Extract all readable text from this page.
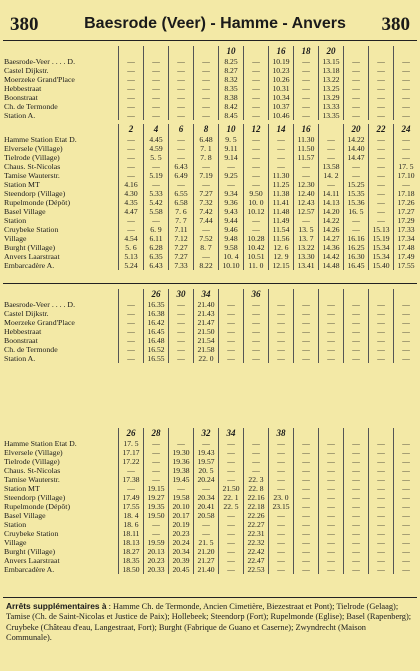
380	Baesrode (Veer) - Hamme - Anvers 380
					10		16	18	20			
Baesrode-Veer . . . . D.	—	—	—	—	8.25	—	10.19	—	13.15	—	—	—
Castel Dijkstr.	—	—	—	—	8.27	—	10.23	—	13.18	—	—	—
Moerzeke Grand'Place	—	—	—	—	8.32	—	10.26	—	13.22	—	—	—
Hebbestraat	—	—	—	—	8.35	—	10.31	—	13.25	—	—	—
Boonstraat	—	—	—	—	8.38	—	10.34	—	13.29	—	—	—
Ch. de Termonde	—	—	—	—	8.42	—	10.37	—	13.33	—	—	—
Station A.	—	—	—	—	8.45	—	10.46	—	13.35	—	—	—
	2	4	6	8	10	12	14	16		20	22	24
Hamme Station Etat D.	—	4.45	—	6.48	9. 5	—	—	11.30	—	14.22	—	—
Elversele (Village)	—	4.59	—	7. 1	9.11	—	—	11.50	—	14.40	—	—
Tielrode (Village)	—	5. 5	—	7. 8	9.14	—	—	11.57	—	14.47	—	—
Chaus. St-Nicolas	—	—	6.43	—	—	—	—	—	13.58	—	—	17. 5
Tamise Wauterstr.	—	5.19	6.49	7.19	9.25	—	11.30	—	14. 2	—	—	17.10
Station MT	4.16	—	—	—	—	—	11.25	12.30	—	15.25	—	—
Steendorp (Village)	4.30	5.33	6.55	7.27	9.34	9.50	11.38	12.40	14.11	15.35	—	17.18
Rupelmonde (Dépôt)	4.35	5.42	6.58	7.32	9.36	10. 0	11.41	12.43	14.13	15.36	—	17.26
Basel Village	4.47	5.58	7. 6	7.42	9.43	10.12	11.48	12.57	14.20	16. 5	—	17.27
Station	—	—	7. 7	7.44	9.44	—	11.49	—	14.22	—	—	17.29
Cruybeke Station	—	6. 9	7.11	—	9.46	—	11.54	13. 5	14.26	—	15.13	17.33
Village	4.54	6.11	7.12	7.52	9.48	10.28	11.56	13. 7	14.27	16.16	15.19	17.34
Burght (Village)	5. 6	6.28	7.27	8. 7	9.58	10.42	12. 6	13.22	14.36	16.25	15.34	17.48
Anvers Laarstraat	5.13	6.35	7.27	—	10. 4	10.51	12. 9	13.30	14.42	16.30	15.34	17.49
Embarcadère A.	5.24	6.43	7.33	8.22	10.10	11. 0	12.15	13.41	14.48	16.45	15.40	17.55
		26	30	34		36						
Baesrode-Veer . . . . D.	—	16.35	—	21.40	—	—	—	—	—	—	—	—
Castel Dijkstr.	—	16.38	—	21.43	—	—	—	—	—	—	—	—
Moerzeke Grand'Place	—	16.42	—	21.47	—	—	—	—	—	—	—	—
Hebbestraat	—	16.45	—	21.50	—	—	—	—	—	—	—	—
Boonstraat	—	16.48	—	21.54	—	—	—	—	—	—	—	—
Ch. de Termonde	—	16.52	—	21.58	—	—	—	—	—	—	—	—
Station A.	—	16.55	—	22. 0	—	—	—	—	—	—	—	—
	26	28		32	34		38					
Hamme Station Etat D.	17. 5	—	—	—	—	—	—	—	—	—	—	—
Elversele (Village)	17.17	—	19.30	19.43	—	—	—	—	—	—	—	—
Tielrode (Village)	17.22	—	19.36	19.57	—	—	—	—	—	—	—	—
Chaus. St-Nicolas	—	—	19.38	20. 5	—	—	—	—	—	—	—	—
Tamise Wauterstr.	17.38	—	19.45	20.24	—	22. 3	—	—	—	—	—	—
Station MT	—	19.15	—	—	21.50	22. 8	—	—	—	—	—	—
Steendorp (Village)	17.49	19.27	19.58	20.34	22. 1	22.16	23. 0	—	—	—	—	—
Rupelmonde (Dépôt)	17.55	19.35	20.10	20.41	22. 5	22.18	23.15	—	—	—	—	—
Basel Village	18. 4	19.50	20.17	20.58	—	22.26	—	—	—	—	—	—
Station	18. 6	—	20.19	—	—	22.27	—	—	—	—	—	—
Cruybeke Station	18.11	—	20.23	—	—	22.31	—	—	—	—	—	—
Village	18.13	19.59	20.24	21. 5	—	22.32	—	—	—	—	—	—
Burght (Village)	18.27	20.13	20.34	21.20	—	22.42	—	—	—	—	—	—
Anvers Laarstraat	18.35	20.23	20.39	21.27	—	22.47	—	—	—	—	—	—
Embarcadère A.	18.50	20.33	20.45	21.40	—	22.53	—	—	—	—	—	—
Arrêts supplémentaires à : Hamme Ch. de Termonde, Ancien Cimetière, Biezestraat et Pont); Tielrode (Gelaag); Tamise (Ch. de Saint-Nicolas et Justice de Paix); Hollebeek; Steendorp (Fort); Rupelmonde (Eglise); Basel (Rapenberg); Cruybeke (Château d'eau, Langestraat, Fort); Burght (Fabrique de Guano et Caserne); Zwyndrecht (Maison Communale).
